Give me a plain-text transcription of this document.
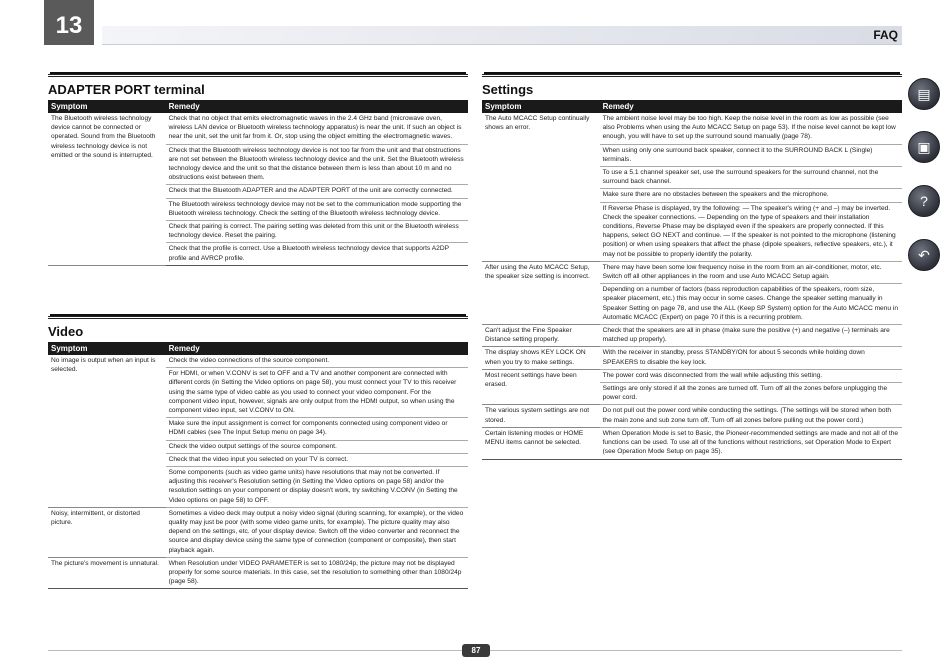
13	FAQ
ADAPTER PORT terminal
Symptom	Remedy
The Bluetooth wireless technology device cannot be connected or operated. Sound from the Bluetooth wireless technology device is not emitted or the sound is interrupted.	Check that no object that emits electromagnetic waves in the 2.4 GHz band (microwave oven, wireless LAN device or Bluetooth wireless technology apparatus) is near the unit. If such an object is near the unit, set the unit far from it. Or, stop using the object emitting the electromagnetic waves.
	Check that the Bluetooth wireless technology device is not too far from the unit and that obstructions are not set between the Bluetooth wireless technology device and the unit. Set the Bluetooth wireless technology device and the unit so that the distance between them is less than about 10 m and no obstructions exist between them.
	Check that the Bluetooth ADAPTER and the ADAPTER PORT of the unit are correctly connected.
	The Bluetooth wireless technology device may not be set to the communication mode supporting the Bluetooth wireless technology. Check the setting of the Bluetooth wireless technology device.
	Check that pairing is correct. The pairing setting was deleted from this unit or the Bluetooth wireless technology device. Reset the pairing.
	Check that the profile is correct. Use a Bluetooth wireless technology device that supports A2DP profile and AVRCP profile.
Video
Symptom	Remedy
No image is output when an input is selected.	Check the video connections of the source component.
	For HDMI, or when V.CONV is set to OFF and a TV and another component are connected with different cords (in Setting the Video options on page 58), you must connect your TV to this receiver using the same type of video cable as you used to connect your video component. For the component video input, however, signals are only output from the HDMI output, so when using the component video input, set V.CONV to ON.
	Make sure the input assignment is correct for components connected using component video or HDMI cables (see The Input Setup menu on page 34).
	Check the video output settings of the source component.
	Check that the video input you selected on your TV is correct.
	Some components (such as video game units) have resolutions that may not be converted. If adjusting this receiver's Resolution setting (in Setting the Video options on page 58) and/or the resolution settings on your component or display doesn't work, try switching V.CONV (in Setting the Video options on page 58) to OFF.
Noisy, intermittent, or distorted picture.	Sometimes a video deck may output a noisy video signal (during scanning, for example), or the video quality may just be poor (with some video game units, for example). The picture quality may also depend on the settings, etc. of your display device. Switch off the video converter and reconnect the source and display device using the same type of connection (component or composite), then start playback again.
The picture's movement is unnatural.	When Resolution under VIDEO PARAMETER is set to 1080/24p, the picture may not be displayed properly for some source materials. In this case, set the resolution to something other than 1080/24p (page 58).
Settings
Symptom	Remedy
The Auto MCACC Setup continually shows an error.	The ambient noise level may be too high. Keep the noise level in the room as low as possible (see also Problems when using the Auto MCACC Setup on page 53). If the noise level cannot be kept low enough, you will have to set up the surround sound manually (page 78).
	When using only one surround back speaker, connect it to the SURROUND BACK L (Single) terminals.
	To use a 5.1 channel speaker set, use the surround speakers for the surround channel, not the surround back channel.
	Make sure there are no obstacles between the speakers and the microphone.
	If Reverse Phase is displayed, try the following: — The speaker's wiring (+ and –) may be inverted. Check the speaker connections. — Depending on the type of speakers and their installation conditions, Reverse Phase may be displayed even if the speakers are properly connected. If this happens, select GO NEXT and continue. — If the speaker is not pointed to the microphone (listening position) or when using speakers that affect the phase (dipole speakers, reflective speakers, etc.), it may not be possible to properly identify the polarity.
After using the Auto MCACC Setup, the speaker size setting is incorrect.	There may have been some low frequency noise in the room from an air-conditioner, motor, etc. Switch off all other appliances in the room and use Auto MCACC Setup again.
	Depending on a number of factors (bass reproduction capabilities of the speakers, room size, speaker placement, etc.) this may occur in some cases. Change the speaker setting manually in Speaker Setting on page 78, and use the ALL (Keep SP System) option for the Auto MCACC menu in Automatic MCACC (Expert) on page 70 if this is a recurring problem.
Can't adjust the Fine Speaker Distance setting properly.	Check that the speakers are all in phase (make sure the positive (+) and negative (–) terminals are matched up properly).
The display shows KEY LOCK ON when you try to make settings.	With the receiver in standby, press STANDBY/ON for about 5 seconds while holding down SPEAKERS to disable the key lock.
Most recent settings have been erased.	The power cord was disconnected from the wall while adjusting this setting.
	Settings are only stored if all the zones are turned off. Turn off all the zones before unplugging the power cord.
The various system settings are not stored.	Do not pull out the power cord while conducting the settings. (The settings will be stored when both the main zone and sub zone turn off. Turn off all zones before pulling out the power cord.)
Certain listening modes or HOME MENU items cannot be selected.	When Operation Mode is set to Basic, the Pioneer-recommended settings are made and not all of the functions can be used. To use all of the functions without restrictions, set Operation Mode to Expert (see Operation Mode Setup on page 35).
▤
▣
?
↶
87
